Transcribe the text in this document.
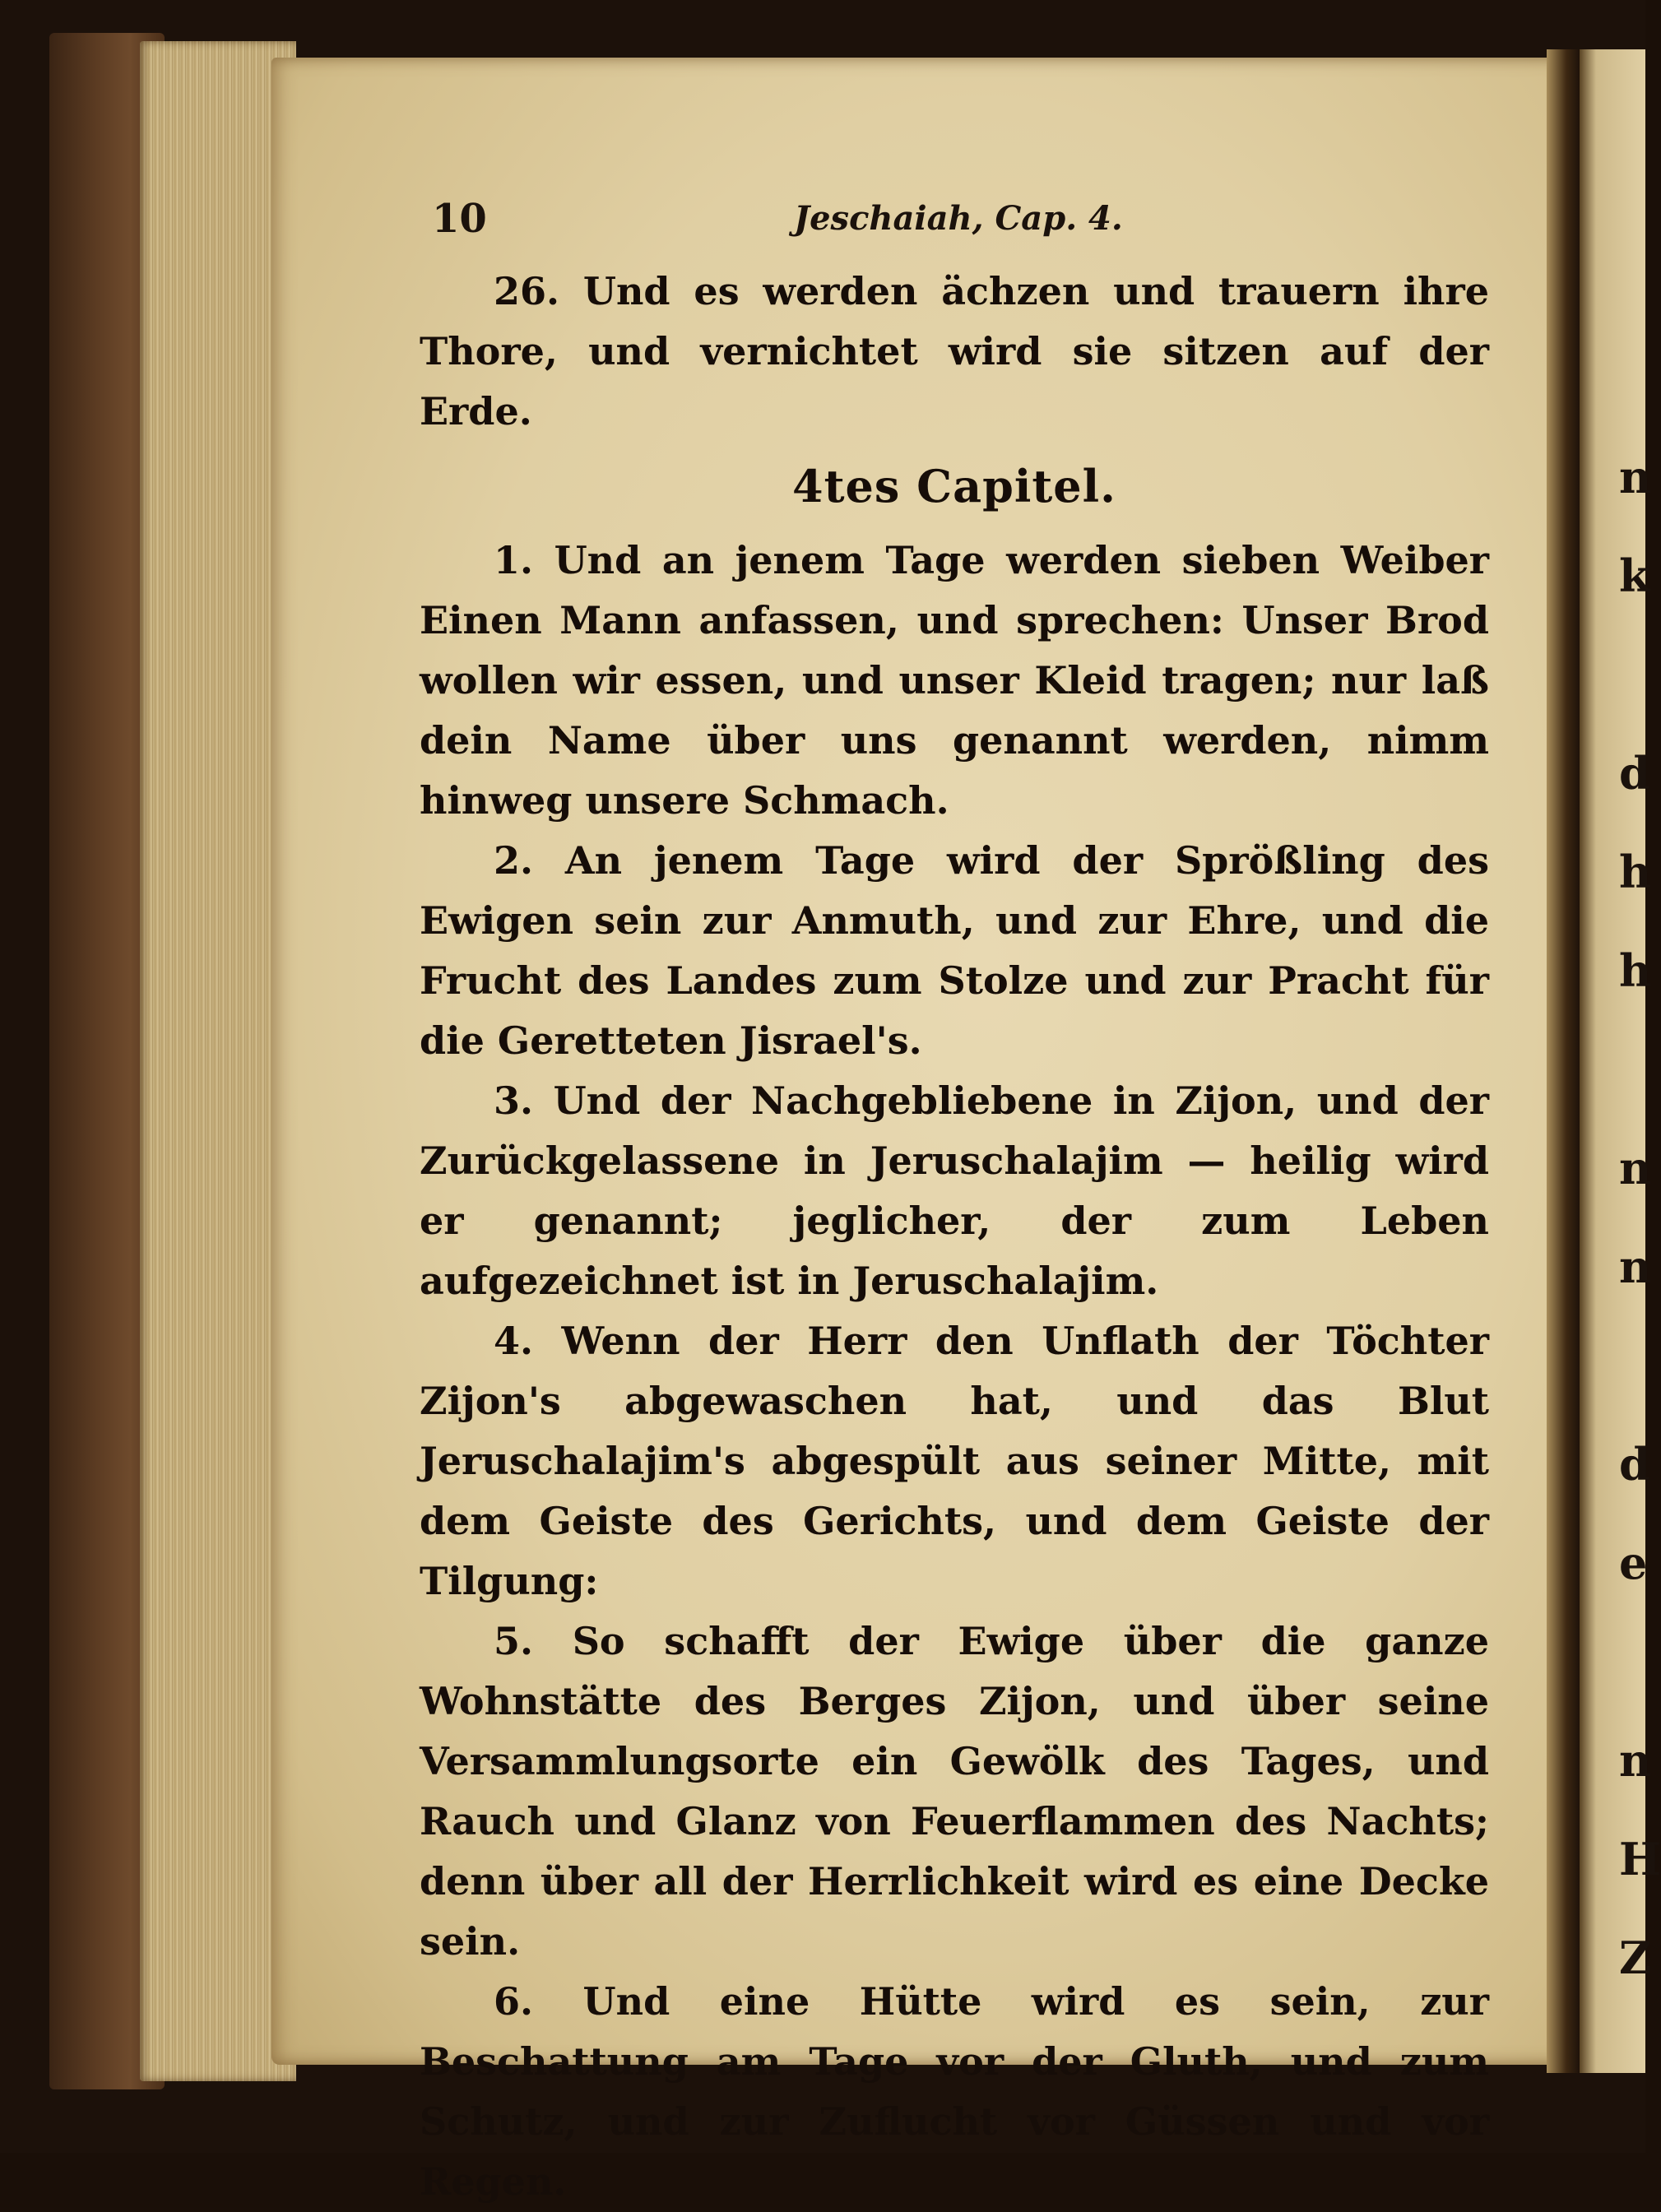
n
k
d
h
h
n
n
d
e
n
H
Z
10	Jeschaiah, Cap. 4.

26. Und es werden ächzen und trauern ihre Thore, und vernichtet wird sie sitzen auf der Erde.

4tes Capitel.

1. Und an jenem Tage werden sieben Weiber Einen Mann anfassen, und sprechen: Unser Brod wollen wir essen, und unser Kleid tragen; nur laß dein Name über uns genannt werden, nimm hinweg unsere Schmach.

2. An jenem Tage wird der Sprößling des Ewigen sein zur Anmuth, und zur Ehre, und die Frucht des Landes zum Stolze und zur Pracht für die Geretteten Jisrael's.

3. Und der Nachgebliebene in Zijon, und der Zurückgelassene in Jeruschalajim — heilig wird er genannt; jeglicher, der zum Leben aufgezeichnet ist in Jeruschalajim.

4. Wenn der Herr den Unflath der Töchter Zijon's abgewaschen hat, und das Blut Jeruschalajim's abgespült aus seiner Mitte, mit dem Geiste des Gerichts, und dem Geiste der Tilgung:

5. So schafft der Ewige über die ganze Wohnstätte des Berges Zijon, und über seine Versammlungsorte ein Gewölk des Tages, und Rauch und Glanz von Feuerflammen des Nachts; denn über all der Herrlichkeit wird es eine Decke sein.

6. Und eine Hütte wird es sein, zur Beschattung am Tage vor der Gluth, und zum Schutz, und zur Zuflucht vor Güssen und vor Regen.
